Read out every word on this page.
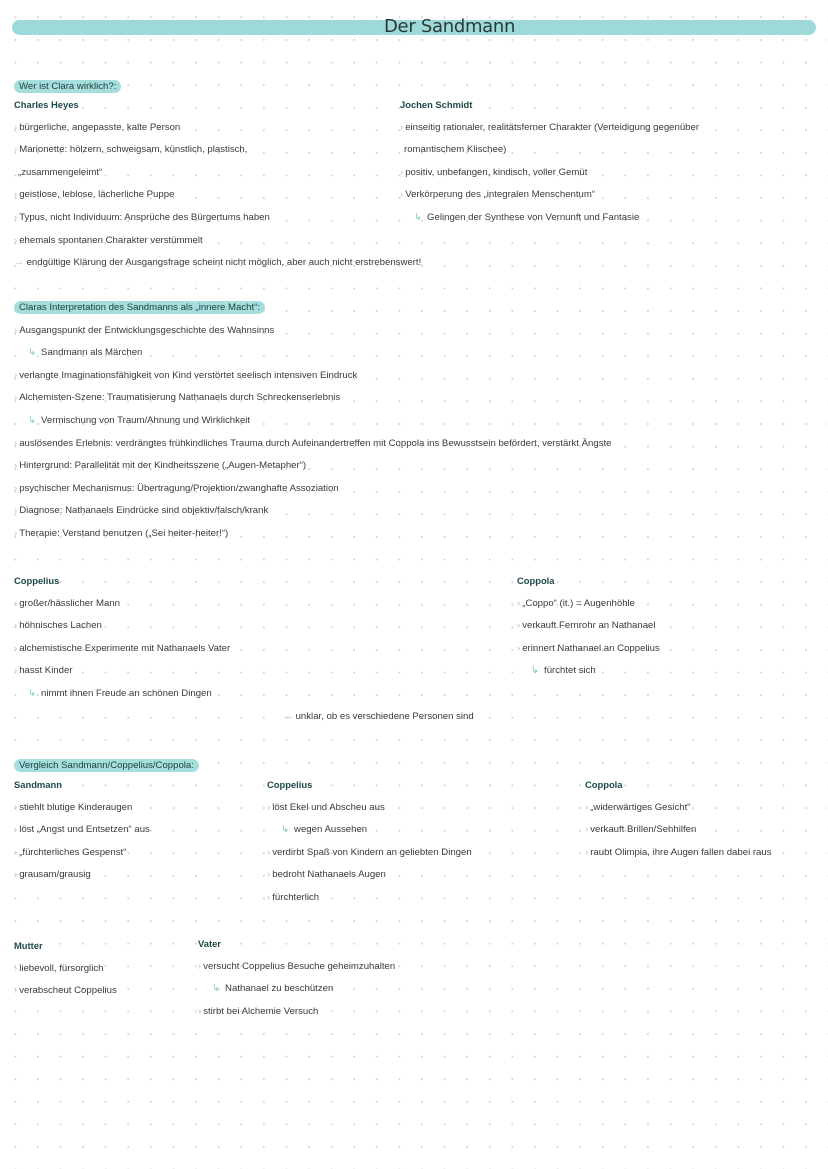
Der Sandmann
Wer ist Clara wirklich?:
Charles Heyes
› bürgerliche, angepasste, kalte Person
› Marionette: hölzern, schweigsam, künstlich, plastisch,
„zusammengeleimt“
› geistlose, leblose, lächerliche Puppe
› Typus, nicht Individuum: Ansprüche des Bürgertums haben
› ehemals spontanen Charakter verstümmelt
→ endgültige Klärung der Ausgangsfrage scheint nicht möglich, aber auch nicht erstrebenswert!
Jochen Schmidt
› einseitig rationaler, realitätsferner Charakter (Verteidigung gegenüber
romantischem Klischee)
› positiv, unbefangen, kindisch, voller Gemüt
› Verkörperung des „integralen Menschentum“
↳ Gelingen der Synthese von Vernunft und Fantasie
Claras Interpretation des Sandmanns als „innere Macht“:
› Ausgangspunkt der Entwicklungsgeschichte des Wahnsinns
↳ Sandmann als Märchen
› verlangte Imaginationsfähigkeit von Kind verstörtet seelisch intensiven Eindruck
› Alchemisten-Szene: Traumatisierung Nathanaels durch Schreckenserlebnis
↳ Vermischung von Traum/Ahnung und Wirklichkeit
› auslösendes Erlebnis: verdrängtes frühkindliches Trauma durch Aufeinandertreffen mit Coppola ins Bewusstsein befördert, verstärkt Ängste
› Hintergrund: Parallelität mit der Kindheitsszene („Augen-Metapher“)
› psychischer Mechanismus: Übertragung/Projektion/zwanghafte Assoziation
› Diagnose: Nathanaels Eindrücke sind objektiv/falsch/krank
› Therapie: Verstand benutzen („Sei heiter-heiter!“)
Coppelius
› großer/hässlicher Mann
› höhnisches Lachen
› alchemistische Experimente mit Nathanaels Vater
› hasst Kinder
↳ nimmt ihnen Freude an schönen Dingen
Coppola
› „Coppo“ (it.) = Augenhöhle
› verkauft Fernrohr an Nathanael
› erinnert Nathanael an Coppelius
↳ fürchtet sich
→ unklar, ob es verschiedene Personen sind
Vergleich Sandmann/Coppelius/Coppola:
Sandmann
› stiehlt blutige Kinderaugen
› löst „Angst und Entsetzen“ aus
› „fürchterliches Gespenst“
› grausam/grausig
Coppelius
› löst Ekel und Abscheu aus
↳ wegen Aussehen
› verdirbt Spaß von Kindern an geliebten Dingen
› bedroht Nathanaels Augen
› fürchterlich
Coppola
› „widerwärtiges Gesicht“
› verkauft Brillen/Sehhilfen
› raubt Olimpia, ihre Augen fallen dabei raus
Mutter
› liebevoll, fürsorglich
› verabscheut Coppelius
Vater
› versucht Coppelius Besuche geheimzuhalten
↳ Nathanael zu beschützen
› stirbt bei Alchemie Versuch
